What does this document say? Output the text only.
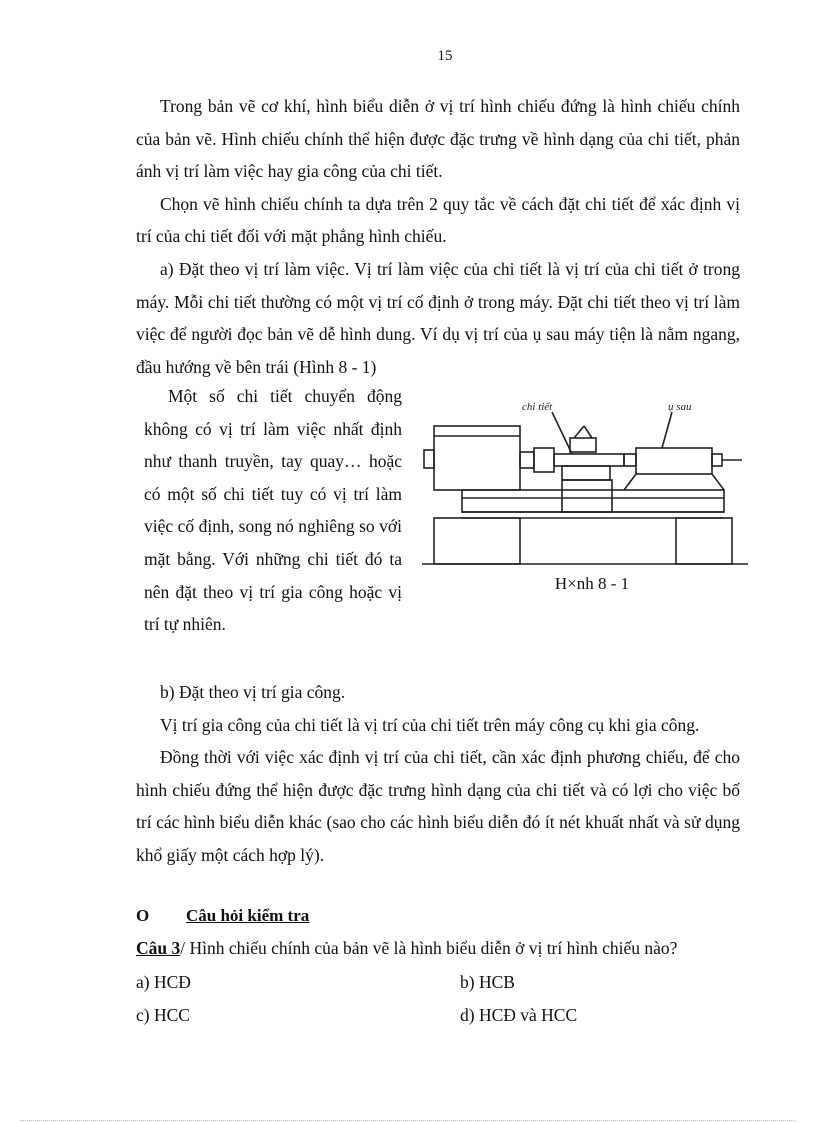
15

Trong bản vẽ cơ khí, hình biểu diễn ở vị trí hình chiếu đứng là hình chiếu chính của bản vẽ. Hình chiếu chính thể hiện được đặc trưng về hình dạng của chi tiết, phản ánh vị trí làm việc hay gia công của chi tiết.

Chọn vẽ hình chiếu chính ta dựa trên 2 quy tắc về cách đặt chi tiết để xác định vị trí của chi tiết đối với mặt phẳng hình chiếu.

a) Đặt theo vị trí làm việc. Vị trí làm việc của chi tiết là vị trí của chi tiết ở trong máy. Mỗi chi tiết thường có một vị trí cố định ở trong máy. Đặt chi tiết theo vị trí làm việc để người đọc bản vẽ dễ hình dung. Ví dụ vị trí của ụ sau máy tiện là nằm ngang, đầu hướng về bên trái (Hình 8 - 1)

Một số chi tiết chuyển động không có vị trí làm việc nhất định như thanh truyền, tay quay… hoặc có một số chi tiết tuy có vị trí làm việc cố định, song nó nghiêng so với mặt bằng. Với những chi tiết đó ta nên đặt theo vị trí gia công hoặc vị trí tự nhiên.

chi tiết	ụ sau
H×nh 8 - 1

b) Đặt theo vị trí gia công.

Vị trí gia công của chi tiết là vị trí của chi tiết trên máy công cụ khi gia công.

Đồng thời với việc xác định vị trí của chi tiết, cần xác định phương chiếu, để cho hình chiếu đứng thể hiện được đặc trưng hình dạng của chi tiết và có lợi cho việc bố trí các hình biểu diễn khác (sao cho các hình biểu diễn đó ít nét khuất nhất và sử dụng khổ giấy một cách hợp lý).

O Câu hỏi kiểm tra
Câu 3/ Hình chiếu chính của bản vẽ là hình biểu diễn ở vị trí hình chiếu nào?
a) HCĐ	b) HCB
c) HCC	d) HCĐ và HCC
